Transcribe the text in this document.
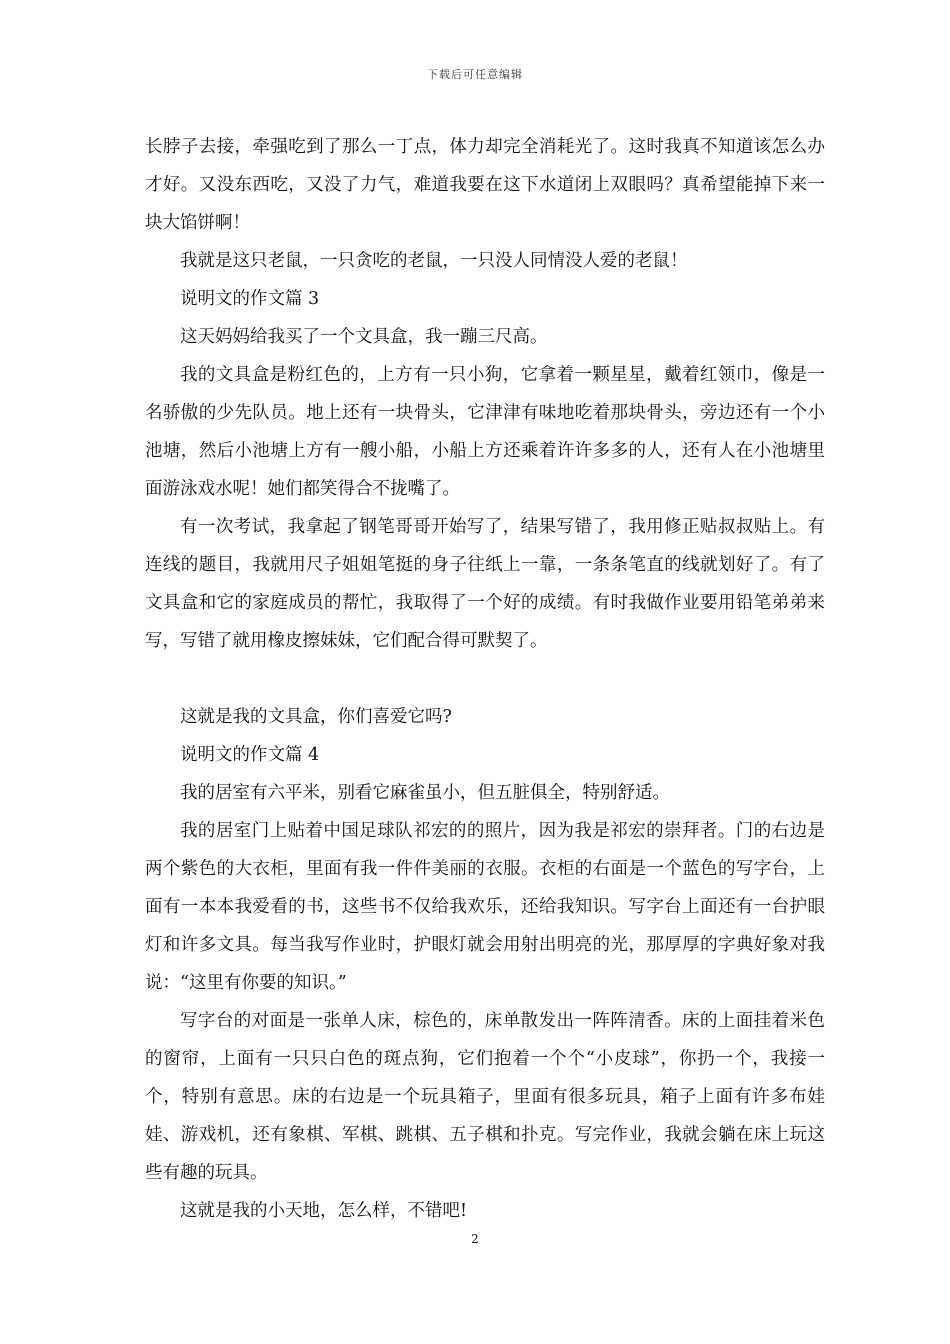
下载后可任意编辑

长脖子去接，牵强吃到了那么一丁点，体力却完全消耗光了。这时我真不知道该怎么办才好。又没东西吃，又没了力气，难道我要在这下水道闭上双眼吗？真希望能掉下来一块大馅饼啊！

我就是这只老鼠，一只贪吃的老鼠，一只没人同情没人爱的老鼠！

说明文的作文篇 3

这天妈妈给我买了一个文具盒，我一蹦三尺高。

我的文具盒是粉红色的，上方有一只小狗，它拿着一颗星星，戴着红领巾，像是一名骄傲的少先队员。地上还有一块骨头，它津津有味地吃着那块骨头，旁边还有一个小池塘，然后小池塘上方有一艘小船，小船上方还乘着许许多多的人，还有人在小池塘里面游泳戏水呢！她们都笑得合不拢嘴了。

有一次考试，我拿起了钢笔哥哥开始写了，结果写错了，我用修正贴叔叔贴上。有连线的题目，我就用尺子姐姐笔挺的身子往纸上一靠，一条条笔直的线就划好了。有了文具盒和它的家庭成员的帮忙，我取得了一个好的成绩。有时我做作业要用铅笔弟弟来写，写错了就用橡皮擦妹妹，它们配合得可默契了。

这就是我的文具盒，你们喜爱它吗?

说明文的作文篇 4

我的居室有六平米，别看它麻雀虽小，但五脏俱全，特别舒适。

我的居室门上贴着中国足球队祁宏的的照片，因为我是祁宏的崇拜者。门的右边是两个紫色的大衣柜，里面有我一件件美丽的衣服。衣柜的右面是一个蓝色的写字台，上面有一本本我爱看的书，这些书不仅给我欢乐，还给我知识。写字台上面还有一台护眼灯和许多文具。每当我写作业时，护眼灯就会用射出明亮的光，那厚厚的字典好象对我说：“这里有你要的知识。”

写字台的对面是一张单人床，棕色的，床单散发出一阵阵清香。床的上面挂着米色的窗帘，上面有一只只白色的斑点狗，它们抱着一个个“小皮球”，你扔一个，我接一个，特别有意思。床的右边是一个玩具箱子，里面有很多玩具，箱子上面有许多布娃娃、游戏机，还有象棋、军棋、跳棋、五子棋和扑克。写完作业，我就会躺在床上玩这些有趣的玩具。

这就是我的小天地，怎么样，不错吧!

2
